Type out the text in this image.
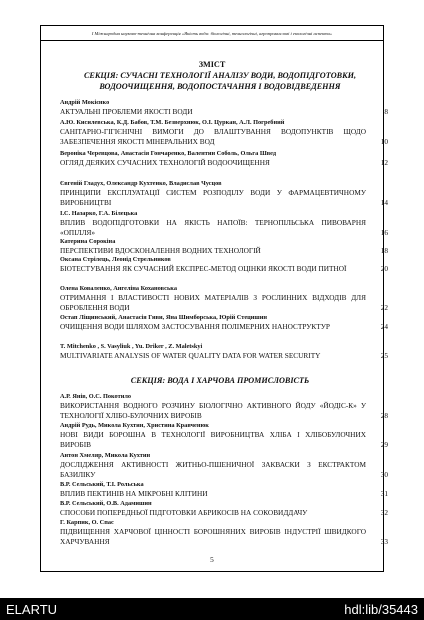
I Міжнародна науково-технічна конференція «Якість води: біологічні, технологічні, агропромислові і екологічні аспекти»
ЗМІСТ
СЕКЦІЯ: СУЧАСНІ ТЕХНОЛОГІЇ АНАЛІЗУ ВОДИ, ВОДОПІДГОТОВКИ,
ВОДООЧИЩЕННЯ, ВОДОПОСТАЧАННЯ І ВОДОВІДВЕДЕННЯ
Андрій Мокієнко
АКТУАЛЬНІ ПРОБЛЕМИ ЯКОСТІ ВОДИ	8
А.Ю. Кисилевська, К.Д. Бабов, Т.М. Безверхнюк, О.І. Цуркан, А.Л. Погребний
САНІТАРНО-ГІГІЄНІЧНІ ВИМОГИ ДО ВЛАШТУВАННЯ ВОДОПУНКТІВ ЩОДО ЗАБЕЗПЕЧЕННЯ ЯКОСТІ МІНЕРАЛЬНИХ ВОД	10
Вероніка Черевцова, Анастасія Гончаренко, Валентин Соболь, Ольга Швед
ОГЛЯД ДЕЯКИХ СУЧАСНИХ ТЕХНОЛОГІЙ ВОДООЧИЩЕННЯ	12
Євгеній Гладух, Олександр Кухтенко, Владислав Чусцов
ПРИНЦИПИ ЕКСПЛУАТАЦІЇ СИСТЕМ РОЗПОДІЛУ ВОДИ У ФАРМАЦЕВТИЧНОМУ ВИРОБНИЦТВІ	14
І.С. Назарко, Г.А. Білецька
ВПЛИВ ВОДОПІДГОТОВКИ НА ЯКІСТЬ НАПОЇВ: ТЕРНОПІЛЬСЬКА ПИВОВАРНЯ «ОПІЛЛЯ»	16
Катерина Сорокіна
ПЕРСПЕКТИВИ ВДОСКОНАЛЕННЯ ВОДНИХ ТЕХНОЛОГІЙ	18
Оксана Стрілець, Леонід Стрельников
БІОТЕСТУВАННЯ ЯК СУЧАСНИЙ ЕКСПРЕС-МЕТОД ОЦІНКИ ЯКОСТІ ВОДИ ПИТНОЇ	20
Олена Коваленко, Ангеліна Кохановська
ОТРИМАННЯ І ВЛАСТИВОСТІ НОВИХ МАТЕРІАЛІВ З РОСЛИННИХ ВІДХОДІВ ДЛЯ ОБРОБЛЕННЯ ВОДИ	22
Остап Ліщинський, Анастасія Гиви, Яна Шимборська, Юрій Стецишин
ОЧИЩЕННЯ ВОДИ ШЛЯХОМ ЗАСТОСУВАННЯ ПОЛІМЕРНИХ НАНОСТРУКТУР	24
T. Mitchenko , S. Vasyliuk , Yu. Driker , Z. Maletskyi
MULTIVARIATE ANALYSIS OF WATER QUALITY DATA FOR WATER SECURITY	25
СЕКЦІЯ: ВОДА І ХАРЧОВА ПРОМИСЛОВІСТЬ
А.Р. Янів, О.С. Покотило
ВИКОРИСТАННЯ ВОДНОГО РОЗЧИНУ БІОЛОГІЧНО АКТИВНОГО ЙОДУ «ЙОДІС-К» У ТЕХНОЛОГІЇ ХЛІБО-БУЛОЧНИХ ВИРОБІВ	28
Андрій Рудь, Микола Кухтин, Христина Кравченюк
НОВІ ВИДИ БОРОШНА В ТЕХНОЛОГІЇ ВИРОБНИЦТВА ХЛІБА І ХЛІБОБУЛОЧНИХ ВИРОБІВ	29
Антон Хмеляр, Микола Кухтин
ДОСЛІДЖЕННЯ АКТИВНОСТІ ЖИТНЬО-ПШЕНИЧНОЇ ЗАКВАСКИ З ЕКСТРАКТОМ БАЗИЛІКУ	30
В.Р. Сельський, Т.І. Рольська
ВПЛИВ ПЕКТИНІВ НА МІКРОБНІ КЛІТИНИ	31
В.Р. Сельський, О.В. Адамишин
СПОСОБИ ПОПЕРЕДНЬОЇ ПІДГОТОВКИ АБРИКОСІВ НА СОКОВИДДАЧУ	32
Г. Карпик, О. Спас
ПІДВИЩЕННЯ ХАРЧОВОЇ ЦІННОСТІ БОРОШНЯНИХ ВИРОБІВ ІНДУСТРІЇ ШВИДКОГО ХАРЧУВАННЯ	33
5
ELARTU	hdl:lib/35443
